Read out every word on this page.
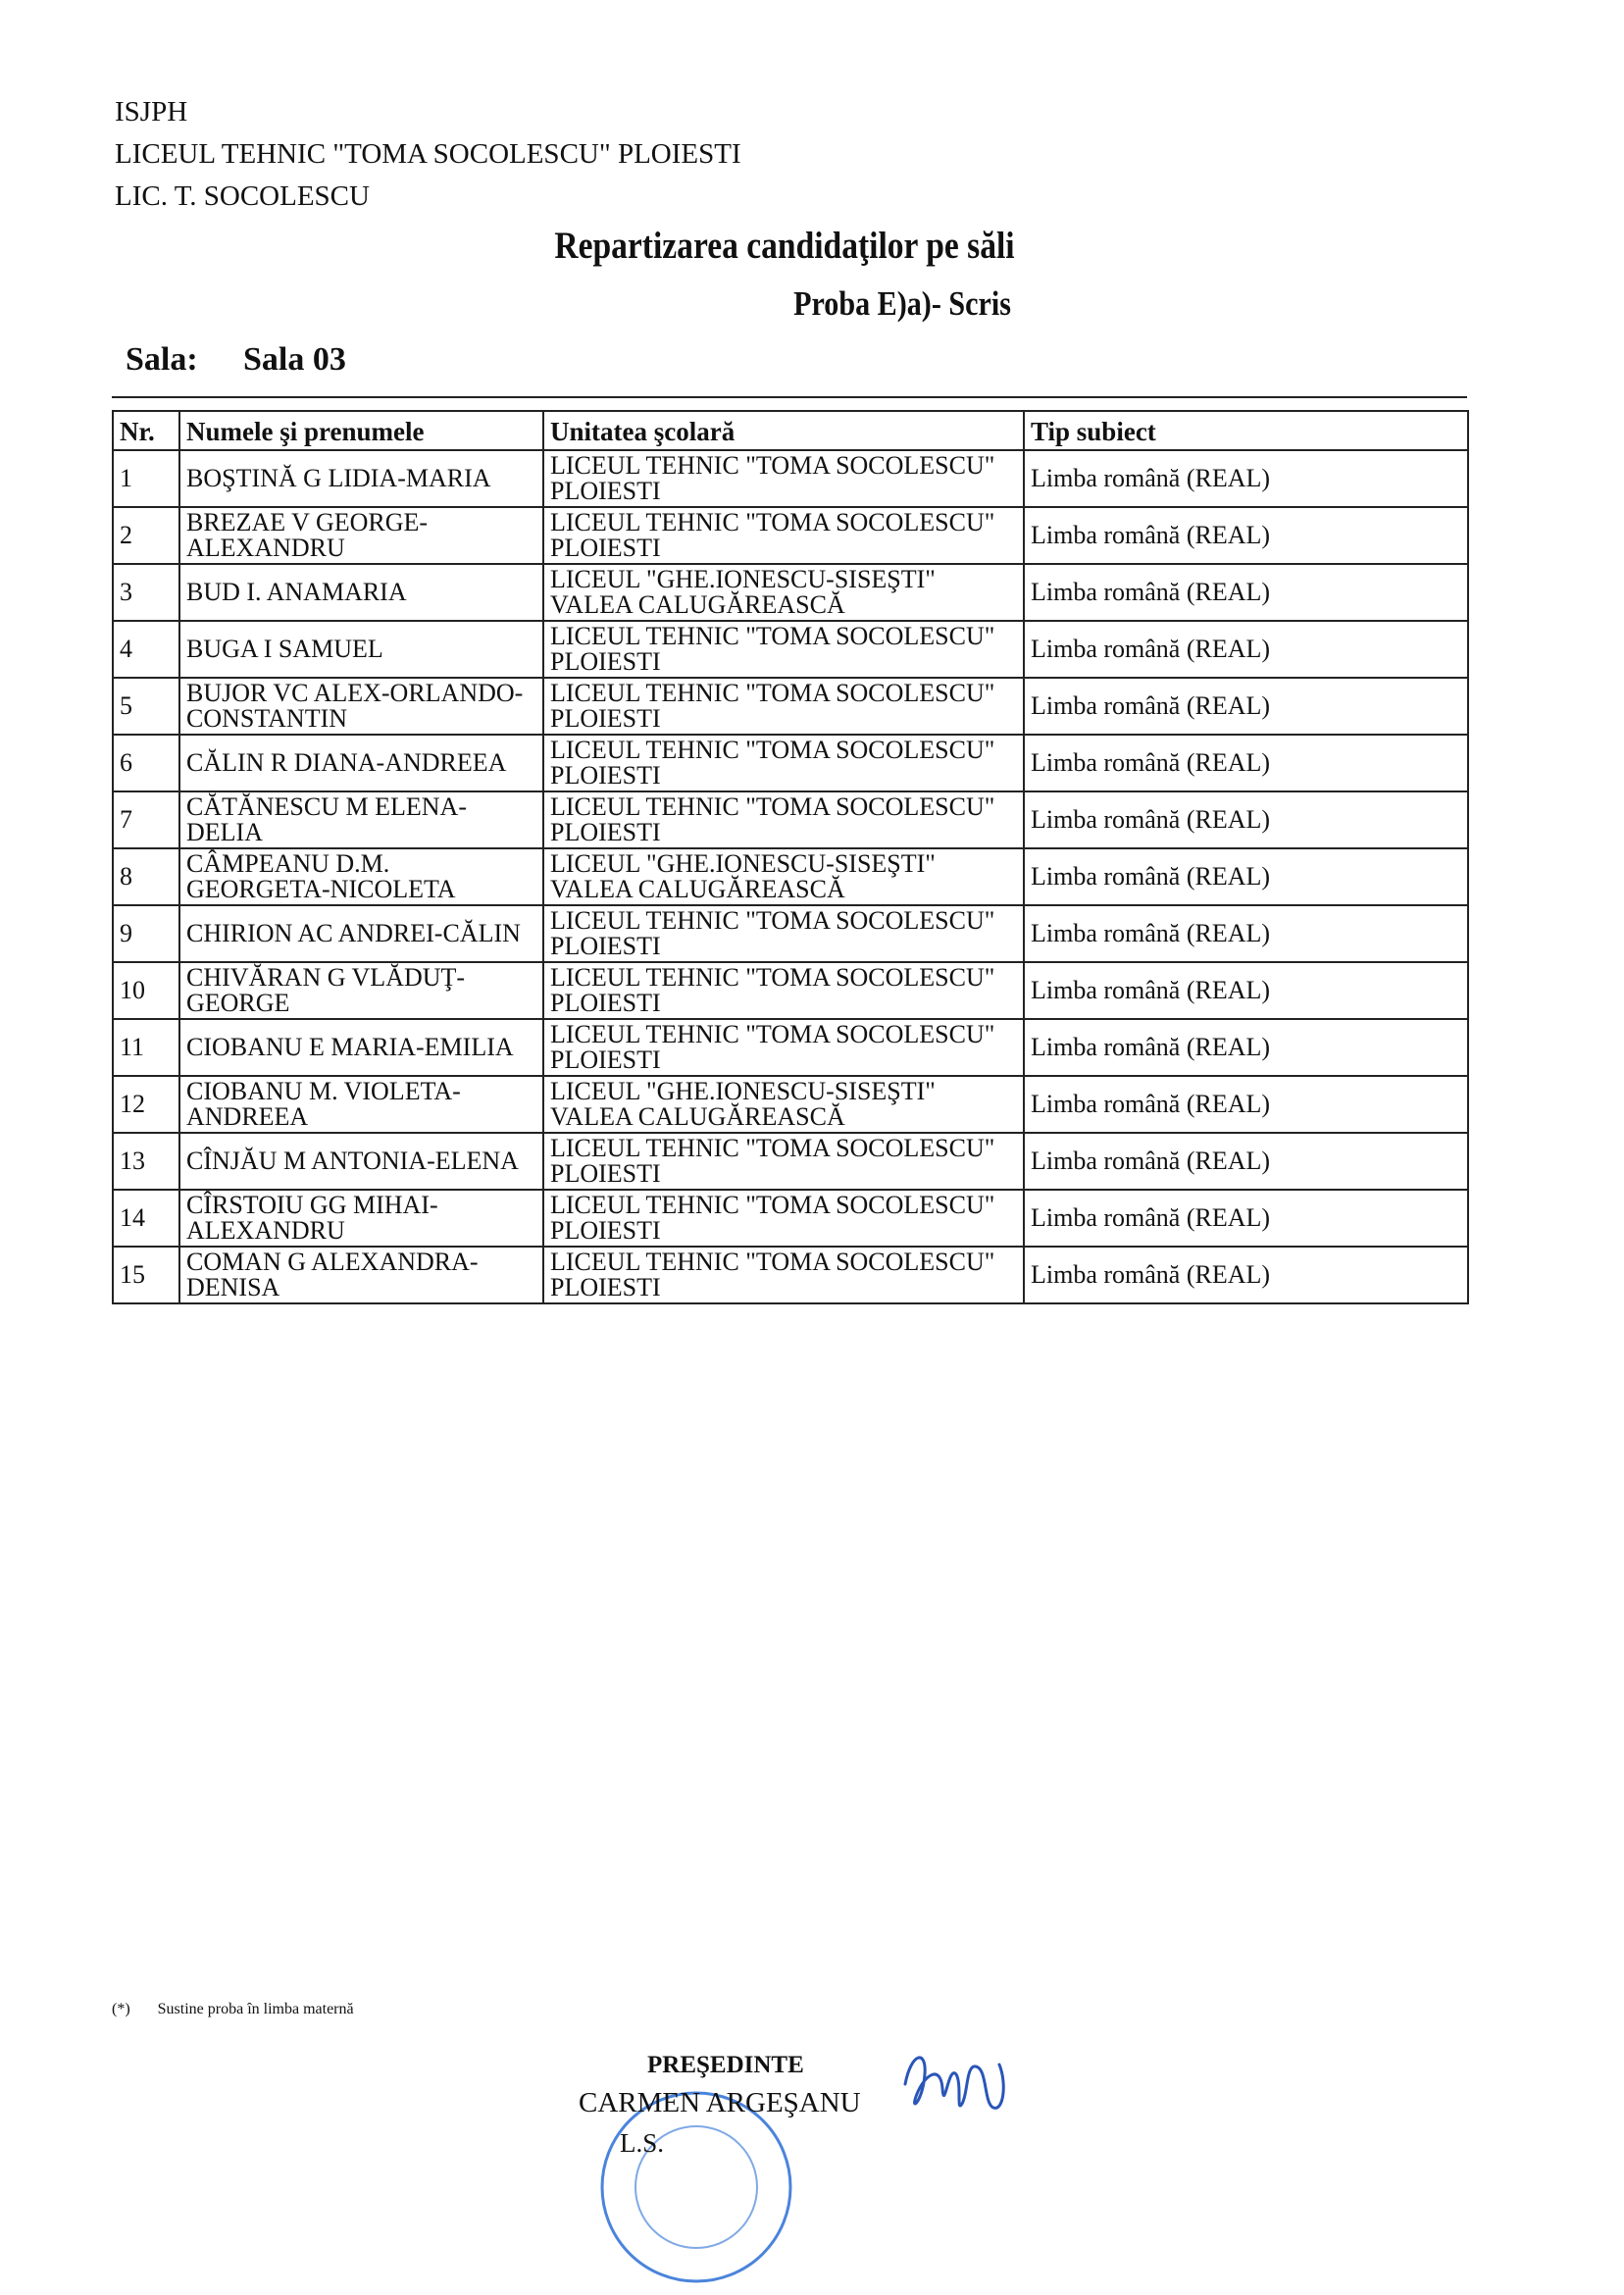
ISJPH
LICEUL TEHNIC "TOMA SOCOLESCU" PLOIESTI
LIC. T. SOCOLESCU
Repartizarea candidaţilor pe săli
Proba E)a)- Scris
Sala: Sala 03
Nr.	Numele şi prenumele	Unitatea şcolară	Tip subiect
1	BOŞTINĂ G LIDIA-MARIA	LICEUL TEHNIC "TOMA SOCOLESCU" PLOIESTI	Limba română (REAL)
2	BREZAE V GEORGE-ALEXANDRU	LICEUL TEHNIC "TOMA SOCOLESCU" PLOIESTI	Limba română (REAL)
3	BUD I. ANAMARIA	LICEUL "GHE.IONESCU-SISEŞTI" VALEA CALUGĂREASCĂ	Limba română (REAL)
4	BUGA I SAMUEL	LICEUL TEHNIC "TOMA SOCOLESCU" PLOIESTI	Limba română (REAL)
5	BUJOR VC ALEX-ORLANDO-CONSTANTIN	LICEUL TEHNIC "TOMA SOCOLESCU" PLOIESTI	Limba română (REAL)
6	CĂLIN R DIANA-ANDREEA	LICEUL TEHNIC "TOMA SOCOLESCU" PLOIESTI	Limba română (REAL)
7	CĂTĂNESCU M ELENA-DELIA	LICEUL TEHNIC "TOMA SOCOLESCU" PLOIESTI	Limba română (REAL)
8	CÂMPEANU D.M. GEORGETA-NICOLETA	LICEUL "GHE.IONESCU-SISEŞTI" VALEA CALUGĂREASCĂ	Limba română (REAL)
9	CHIRION AC ANDREI-CĂLIN	LICEUL TEHNIC "TOMA SOCOLESCU" PLOIESTI	Limba română (REAL)
10	CHIVĂRAN G VLĂDUŢ-GEORGE	LICEUL TEHNIC "TOMA SOCOLESCU" PLOIESTI	Limba română (REAL)
11	CIOBANU E MARIA-EMILIA	LICEUL TEHNIC "TOMA SOCOLESCU" PLOIESTI	Limba română (REAL)
12	CIOBANU M. VIOLETA-ANDREEA	LICEUL "GHE.IONESCU-SISEŞTI" VALEA CALUGĂREASCĂ	Limba română (REAL)
13	CÎNJĂU M ANTONIA-ELENA	LICEUL TEHNIC "TOMA SOCOLESCU" PLOIESTI	Limba română (REAL)
14	CÎRSTOIU GG MIHAI-ALEXANDRU	LICEUL TEHNIC "TOMA SOCOLESCU" PLOIESTI	Limba română (REAL)
15	COMAN G ALEXANDRA-DENISA	LICEUL TEHNIC "TOMA SOCOLESCU" PLOIESTI	Limba română (REAL)
(*) Sustine proba în limba maternă
PREŞEDINTE
CARMEN ARGEŞANU
L.S.
